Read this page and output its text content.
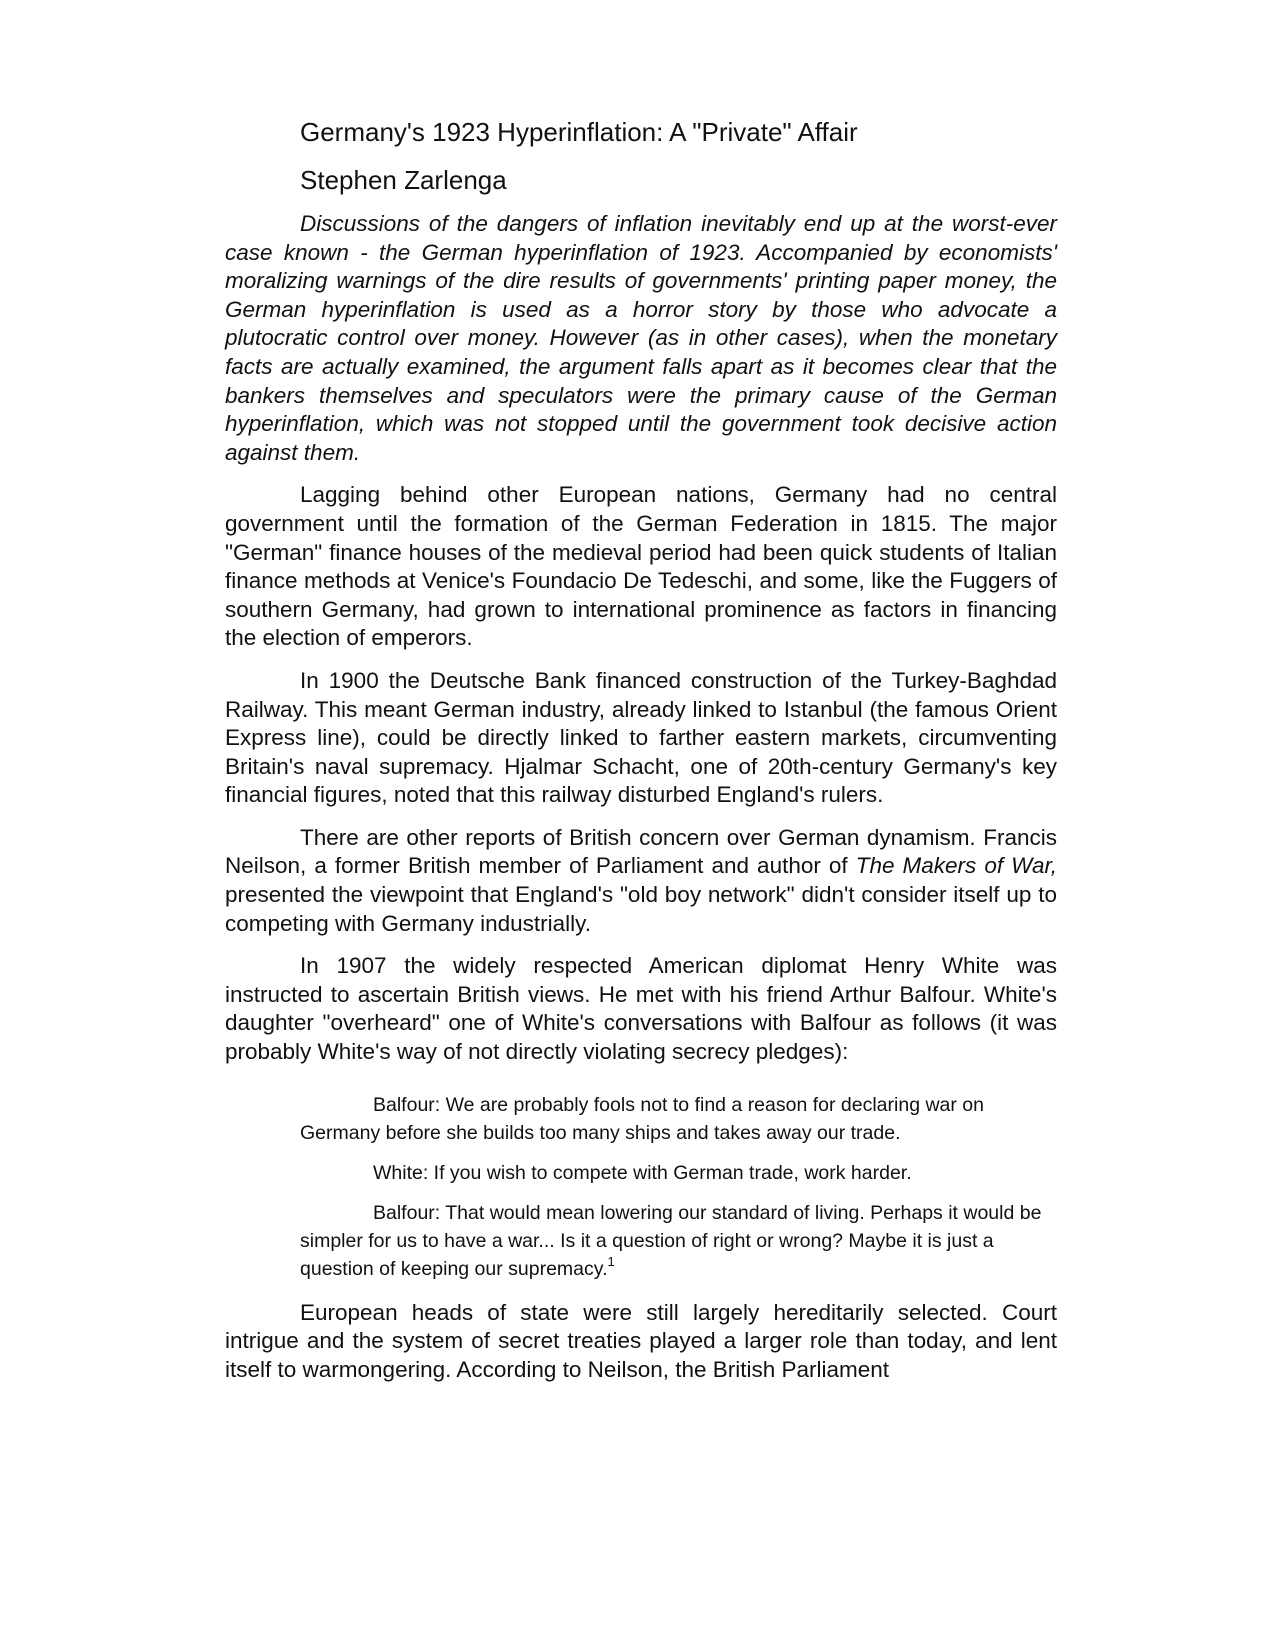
Germany's 1923 Hyperinflation: A "Private" Affair
Stephen Zarlenga

Discussions of the dangers of inflation inevitably end up at the worst-ever case known - the German hyperinflation of 1923. Accompanied by economists' moralizing warnings of the dire results of governments' printing paper money, the German hyperinflation is used as a horror story by those who advocate a plutocratic control over money. However (as in other cases), when the monetary facts are actually examined, the argument falls apart as it becomes clear that the bankers themselves and speculators were the primary cause of the German hyperinflation, which was not stopped until the government took decisive action against them.

Lagging behind other European nations, Germany had no central government until the formation of the German Federation in 1815. The major "German" finance houses of the medieval period had been quick students of Italian finance methods at Venice's Foundacio De Tedeschi, and some, like the Fuggers of southern Germany, had grown to international prominence as factors in financing the election of emperors.

In 1900 the Deutsche Bank financed construction of the Turkey-Baghdad Railway. This meant German industry, already linked to Istanbul (the famous Orient Express line), could be directly linked to farther eastern markets, circumventing Britain's naval supremacy. Hjalmar Schacht, one of 20th-century Germany's key financial figures, noted that this railway disturbed England's rulers.

There are other reports of British concern over German dynamism. Francis Neilson, a former British member of Parliament and author of The Makers of War, presented the viewpoint that England's "old boy network" didn't consider itself up to competing with Germany industrially.

In 1907 the widely respected American diplomat Henry White was instructed to ascertain British views. He met with his friend Arthur Balfour. White's daughter "overheard" one of White's conversations with Balfour as follows (it was probably White's way of not directly violating secrecy pledges):

Balfour: We are probably fools not to find a reason for declaring war on Germany before she builds too many ships and takes away our trade.

White: If you wish to compete with German trade, work harder.

Balfour: That would mean lowering our standard of living. Perhaps it would be simpler for us to have a war... Is it a question of right or wrong? Maybe it is just a question of keeping our supremacy.$^1$

European heads of state were still largely hereditarily selected. Court intrigue and the system of secret treaties played a larger role than today, and lent itself to warmongering. According to Neilson, the British Parliament
